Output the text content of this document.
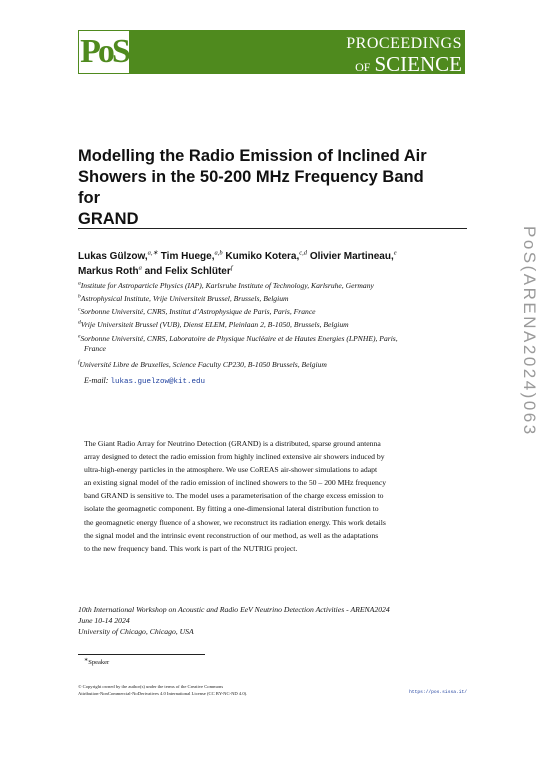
PoS	PROCEEDINGS
OF SCIENCE
Modelling the Radio Emission of Inclined Air
Showers in the 50-200 MHz Frequency Band for
GRAND
Lukas Gülzow,$^{a,∗}$ Tim Huege,$^{a,b}$ Kumiko Kotera,$^{c,d}$ Olivier Martineau,$^e$
Markus Roth$^a$ and Felix Schlüter$^f$
$^a$Institute for Astroparticle Physics (IAP), Karlsruhe Institute of Technology, Karlsruhe, Germany
$^b$Astrophysical Institute, Vrije Universiteit Brussel, Brussels, Belgium
$^c$Sorbonne Université, CNRS, Institut d’Astrophysique de Paris, Paris, France
$^d$Vrije Universiteit Brussel (VUB), Dienst ELEM, Pleinlaan 2, B-1050, Brussels, Belgium
$^e$Sorbonne Université, CNRS, Laboratoire de Physique Nucléaire et de Hautes Energies (LPNHE), Paris,
France
$^f$Université Libre de Bruxelles, Science Faculty CP230, B-1050 Brussels, Belgium
E-mail: lukas.guelzow@kit.edu
The Giant Radio Array for Neutrino Detection (GRAND) is a distributed, sparse ground antenna
array designed to detect the radio emission from highly inclined extensive air showers induced by
ultra-high-energy particles in the atmosphere. We use CoREAS air-shower simulations to adapt
an existing signal model of the radio emission of inclined showers to the 50 – 200 MHz frequency
band GRAND is sensitive to. The model uses a parameterisation of the charge excess emission to
isolate the geomagnetic component. By fitting a one-dimensional lateral distribution function to
the geomagnetic energy fluence of a shower, we reconstruct its radiation energy. This work details
the signal model and the intrinsic event reconstruction of our method, as well as the adaptations
to the new frequency band. This work is part of the NUTRIG project.
10th International Workshop on Acoustic and Radio EeV Neutrino Detection Activities - ARENA2024
June 10-14 2024
University of Chicago, Chicago, USA
∗Speaker
© Copyright owned by the author(s) under the terms of the Creative Commons
Attribution-NonCommercial-NoDerivatives 4.0 International License (CC BY-NC-ND 4.0).	https://pos.sissa.it/
PoS(ARENA2024)063
